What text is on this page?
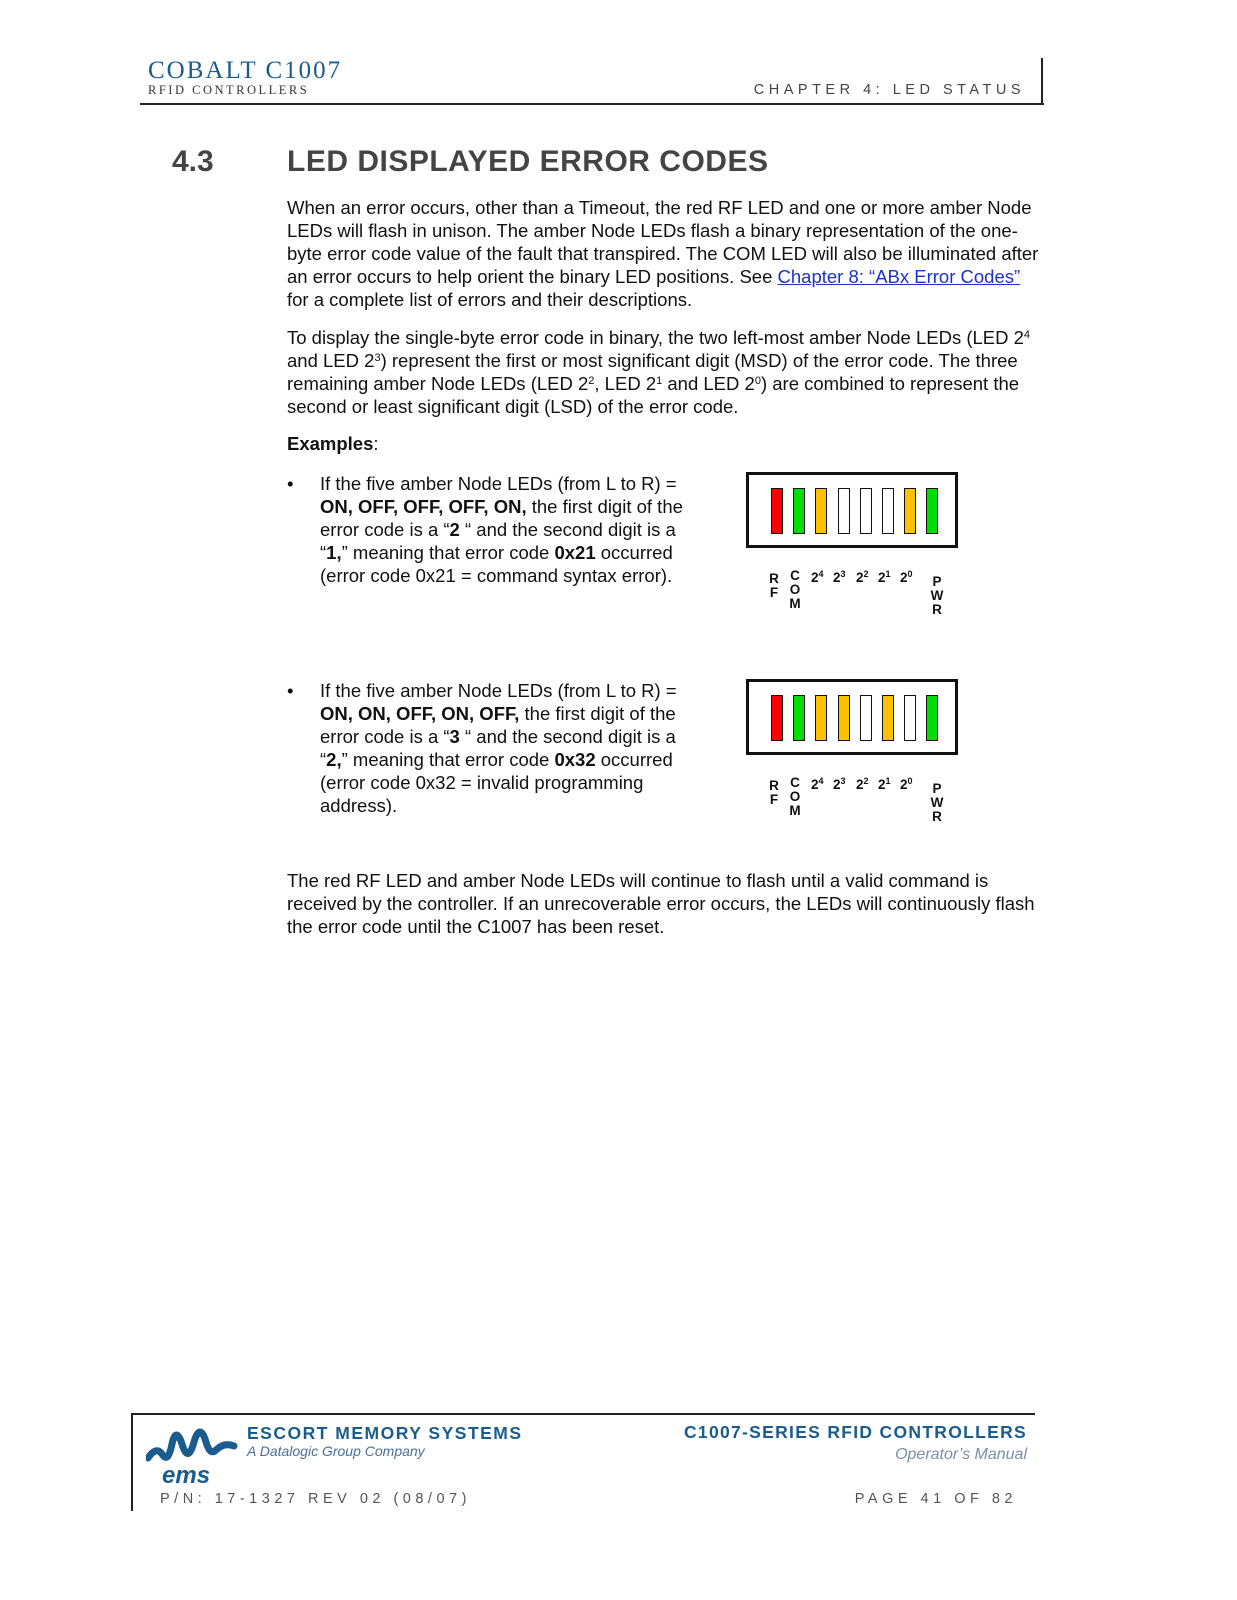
COBALT C1007
RFID CONTROLLERS	CHAPTER 4: LED STATUS
4.3 LED DISPLAYED ERROR CODES

When an error occurs, other than a Timeout, the red RF LED and one or more amber Node LEDs will flash in unison. The amber Node LEDs flash a binary representation of the one-byte error code value of the fault that transpired. The COM LED will also be illuminated after an error occurs to help orient the binary LED positions. See Chapter 8: “ABx Error Codes” for a complete list of errors and their descriptions.

To display the single-byte error code in binary, the two left-most amber Node LEDs (LED $2^4$ and LED $2^3$) represent the first or most significant digit (MSD) of the error code. The three remaining amber Node LEDs (LED $2^2$, LED $2^1$ and LED $2^0$) are combined to represent the second or least significant digit (LSD) of the error code.

Examples:
• If the five amber Node LEDs (from L to R) = ON, OFF, OFF, OFF, ON, the first digit of the error code is a “2 “ and the second digit is a “1,” meaning that error code 0x21 occurred (error code 0x21 = command syntax error).
• If the five amber Node LEDs (from L to R) = ON, ON, OFF, ON, OFF, the first digit of the error code is a “3 “ and the second digit is a “2,” meaning that error code 0x32 occurred (error code 0x32 = invalid programming address).
R
F
C
O
M
$2^4$ $2^3$ $2^2$ $2^1$ $2^0$ P
W
R
R
F
C
O
M
$2^4$ $2^3$ $2^2$ $2^1$ $2^0$ P
W
R

The red RF LED and amber Node LEDs will continue to flash until a valid command is received by the controller. If an unrecoverable error occurs, the LEDs will continuously flash the error code until the C1007 has been reset.

ems
ESCORT MEMORY SYSTEMS
A Datalogic Group Company
C1007-SERIES RFID CONTROLLERS
Operator’s Manual
P/N: 17-1327 REV 02 (08/07)	PAGE 41 OF 82
